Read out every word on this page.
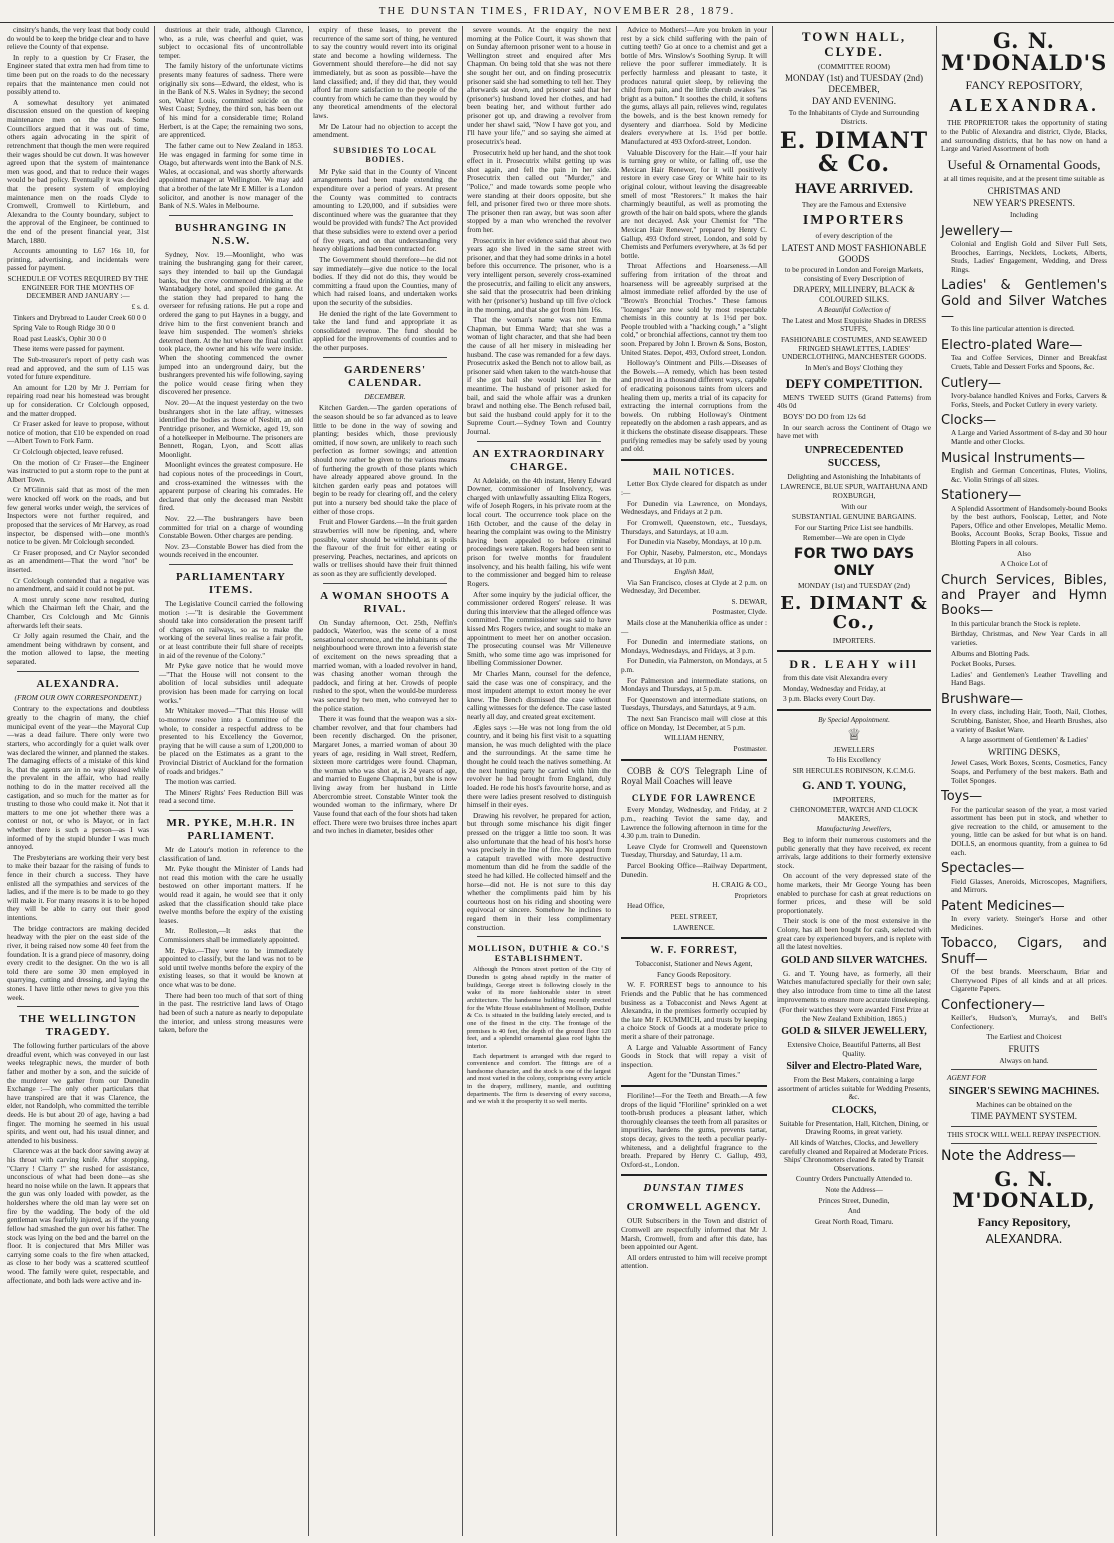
THE DUNSTAN TIMES, FRIDAY, NOVEMBER 28, 1879.

cinsitry's hands, the very least that body could do would be to keep the bridge clear and to have relieve the County of that expense.

In reply to a question by Cr Fraser, the Engineer stated that extra men had from time to time been put on the roads to do the necessary repairs that the maintenance men could not possibly attend to.

A somewhat desultory yet animated discussion ensued on the question of keeping maintenance men on the roads. Some Councillors argued that it was out of time, others again advocating in the spirit of retrenchment that though the men were required their wages should be cut down. It was however agreed upon that the system of maintenance men was good, and that to reduce their wages would be bad policy. Eventually it was decided that the present system of employing maintenance men on the roads Clyde to Cromwell, Cromwell to Kirtleburn, and Alexandra to the County boundary, subject to the approval of the Engineer, be continued to the end of the present financial year, 31st March, 1880.

Accounts amounting to L67 16s 10, for printing, advertising, and incidentals were passed for payment.

SCHEDULE OF VOTES REQUIRED BY THE ENGINEER FOR THE MONTHS OF DECEMBER AND JANUARY :—

£ s. d.

Tinkers and Drybread to Lauder Creek 60 0 0

Spring Vale to Rough Ridge 30 0 0

Road past Leask's, Ophir 30 0 0

These items were passed for payment.

The Sub-treasurer's report of petty cash was read and approved, and the sum of L15 was voted for future expenditure.

An amount for L20 by Mr J. Perriam for repairing road near his homestead was brought up for consideration. Cr Colclough opposed, and the matter dropped.

Cr Fraser asked for leave to propose, without notice of motion, that £10 be expended on road—Albert Town to Fork Farm.

Cr Colclough objected, leave refused.

On the motion of Cr Fraser—the Engineer was instructed to put a storm rope to the punt at Albert Town.

Cr M'Glinnis said that as most of the men were knocked off work on the roads, and but few general works under weigh, the services of Inspectors were not further required, and proposed that the services of Mr Harvey, as road inspector, be dispensed with—one month's notice to be given. Mr Colclough seconded.

Cr Fraser proposed, and Cr Naylor seconded as an amendment—That the word "not" be inserted.

Cr Colclough contended that a negative was no amendment, and said it could not be put.

A most unruly scene now resulted, during which the Chairman left the Chair, and the Chamber, Crs Colclough and Mc Ginnis afterwards left their seats.

Cr Jolly again resumed the Chair, and the amendment being withdrawn by consent, and the motion allowed to lapse, the meeting separated.

ALEXANDRA.
(FROM OUR OWN CORRESPONDENT.)

Contrary to the expectations and doubtless greatly to the chagrin of many, the chief municipal event of the year—the Mayoral Cup—was a dead failure. There only were two starters, who accordingly for a quiet walk over was declared the winner, and planned the stakes. The damaging effects of a mistake of this kind is, that the agents are in no way pleased while the prevalent in the affair, who had really nothing to do in the matter received all the castigation, and so much for the matter as for trusting to those who could make it. Not that it matters to me one jot whether there was a contest or not, or who is Mayor, or in fact whether there is such a person—as I was informed of by the stupid blunder I was much annoyed.

The Presbyterians are working their very best to make their bazaar for the raising of funds to fence in their church a success. They have enlisted all the sympathies and services of the ladies, and if the mere is to be made to go they will make it. For many reasons it is to be hoped they will be able to carry out their good intentions.

The bridge contractors are making decided headway with the pier on the east side of the river, it being raised now some 40 feet from the foundation. It is a grand piece of masonry, doing every credit to the designer. On the wo is all told there are some 30 men employed in quarrying, cutting and dressing, and laying the stones. I have little other news to give you this week.

THE WELLINGTON TRAGEDY.

The following further particulars of the above dreadful event, which was conveyed in our last weeks telegraphic news, the murder of both father and mother by a son, and the suicide of the murderer we gather from our Dunedin Exchange :—The only other particulars that have transpired are that it was Clarence, the elder, not Randolph, who committed the terrible deeds. He is but about 20 of age, having a bad finger. The morning he seemed in his usual spirits, and went out, had his usual dinner, and attended to his business.

Clarence was at the back door sawing away at his throat with carving knife. After stopping, "Clarry ! Clarry !" she rushed for assistance, unconscious of what had been done—as she heard no noise while on the lawn. It appears that the gun was only loaded with powder, as the holdershes where the old man lay were set on fire by the wadding. The body of the old gentleman was fearfully injured, as if the young fellow had smashed the gun over his father. The stock was lying on the bed and the barrel on the floor. It is conjectured that Mrs Miller was carrying some coals to the fire when attacked, as close to her body was a scattered scuttleof wood. The family were quiet, respectable, and affectionate, and both lads were active and in-

dustrious at their trade, although Clarence, who, as a rule, was cheerful and quiet, was subject to occasional fits of uncontrollable temper.

The family history of the unfortunate victims presents many features of sadness. There were originally six sons—Edward, the eldest, who is in the Bank of N.S. Wales in Sydney; the second son, Walter Louis, committed suicide on the West Coast; Sydney, the third son, has been out of his mind for a considerable time; Roland Herbert, is at the Cape; the remaining two sons, are apprenticed.

The father came out to New Zealand in 1853. He was engaged in farming for some time in Otago, but afterwards went into the Bank of N.S. Wales, at occasional, and was shortly afterwards appointed manager at Wellington. We may add that a brother of the late Mr E Miller is a London solicitor, and another is now manager of the Bank of N.S. Wales in Melbourne.

BUSHRANGING IN N.S.W.

Sydney, Nov. 19.—Moonlight, who was training the bushranging gang for their career, says they intended to bail up the Gundagai banks, but the crew commenced drinking at the Wantabadgery hotel, and spoiled the game. At the station they had prepared to hang the overseer for refusing rations. He put a rope and ordered the gang to put Haynes in a buggy, and drive him to the first convenient branch and leave him suspended. The women's shrieks deterred them. At the hut where the final conflict took place, the owner and his wife were inside. When the shooting commenced the owner jumped into an underground dairy, but the bushrangers prevented his wife following, saying the police would cease firing when they discovered her presence.

Nov. 20—At the inquest yesterday on the two bushrangers shot in the late affray, witnesses identified the bodies as those of Nesbitt, an old Pentridge prisoner, and Wernicke, aged 19, son of a hotelkeeper in Melbourne. The prisoners are Bennett, Rogan, Lyon, and Scott alias Moonlight.

Moonlight evinces the greatest composure. He had copious notes of the proceedings in Court, and cross-examined the witnesses with the apparent purpose of clearing his comrades. He declared that only the deceased man Nesbitt fired.

Nov. 22.—The bushrangers have been committed for trial on a charge of wounding Constable Bowen. Other charges are pending.

Nov. 23—Constable Bower has died from the wounds received in the encounter.

PARLIAMENTARY ITEMS.

The Legislative Council carried the following motion :—"It is desirable the Government should take into consideration the present tariff of charges on railways, so as to make the working of the several lines realise a fair profit, or at least contribute their full share of receipts in aid of the revenue of the Colony."

Mr Pyke gave notice that he would move —"That the House will not consent to the abolition of local subsidies until adequate provision has been made for carrying on local works."

Mr Whitaker moved—"That this House will to-morrow resolve into a Committee of the whole, to consider a respectful address to be presented to his Excellency the Governor, praying that he will cause a sum of 1,200,000 to be placed on the Estimates as a grant to the Provincial District of Auckland for the formation of roads and bridges."

The motion was carried.

The Miners' Rights' Fees Reduction Bill was read a second time.

MR. PYKE, M.H.R. IN PARLIAMENT.

Mr de Latour's motion in reference to the classification of land.

Mr. Pyke thought the Minister of Lands had not read this motion with the care he usually bestowed on other important matters. If he would read it again, he would see that it only asked that the classification should take place twelve months before the expiry of the existing leases.

Mr. Rolleston,—It asks that the Commissioners shall be immediately appointed.

Mr. Pyke.—They were to be immediately appointed to classify, but the land was not to be sold until twelve months before the expiry of the existing leases, so that it would be known at once what was to be done.

There had been too much of that sort of thing in the past. The restrictive land laws of Otago had been of such a nature as nearly to depopulate the interior, and unless strong measures were taken, before the

expiry of these leases, to prevent the recurrence of the same sort of thing, he ventured to say the country would revert into its original state and become a howling wilderness. The Government should therefore—he did not say immediately, but as soon as possible—have the land classified; and, if they did that, they would afford far more satisfaction to the people of the country from which he came than they would by any theoretical amendments of the electoral laws.

Mr De Latour had no objection to accept the amendment.

SUBSIDIES TO LOCAL BODIES.

Mr Pyke said that in the County of Vincent arrangements had been made extending the expenditure over a period of years. At present the County was committed to contracts amounting to L20,000, and if subsidies were discontinued where was the guarantee that they would be provided with funds? The Act provided that these subsidies were to extend over a period of five years, and on that understanding very heavy obligations had been contracted for.

The Government should therefore—he did not say immediately—give due notice to the local bodies. If they did not do this, they would be committing a fraud upon the Counties, many of which had raised loans, and undertaken works upon the security of the subsidies.

He denied the right of the late Government to take the land fund and appropriate it as consolidated revenue. The fund should be applied for the improvements of counties and to the other purposes.

GARDENERS' CALENDAR.
DECEMBER.

Kitchen Garden.—The garden operations of the season should be so far advanced as to leave little to be done in the way of sowing and planting; besides which, those previously omitted, if now sown, are unlikely to reach such perfection as former sowings; and attention should now rather be given to the various means of furthering the growth of those plants which have already appeared above ground. In the kitchen garden early peas and potatoes will begin to be ready for clearing off, and the celery put into a nursery bed should take the place of either of those crops.

Fruit and Flower Gardens.—In the fruit garden strawberries will now be ripening, and, where possible, water should be withheld, as it spoils the flavour of the fruit for either eating or preserving. Peaches, nectarines, and apricots on walls or trellises should have their fruit thinned as soon as they are sufficiently developed.

A WOMAN SHOOTS A RIVAL.

On Sunday afternoon, Oct. 25th, Neffin's paddock, Waterloo, was the scene of a most sensational occurrence, and the inhabitants of the neighbourhood were thrown into a feverish state of excitement on the news spreading that a married woman, with a loaded revolver in hand, was chasing another woman through the paddock, and firing at her. Crowds of people rushed to the spot, when the would-be murderess was secured by two men, who conveyed her to the police station.

There it was found that the weapon was a six-chamber revolver, and that four chambers had been recently discharged. On the prisoner, Margaret Jones, a married woman of about 30 years of age, residing in Wall street, Redfern, sixteen more cartridges were found. Chapman, the woman who was shot at, is 24 years of age, and married to Eugene Chapman, but she is now living away from her husband in Little Abercrombie street. Constable Winter took the wounded woman to the infirmary, where Dr Vause found that each of the four shots had taken effect. There were two bruises three inches apart and two inches in diameter, besides other

severe wounds. At the enquiry the next morning at the Police Court, it was shown that on Sunday afternoon prisoner went to a house in Wellington street and enquired after Mrs Chapman. On being told that she was not there she sought her out, and on finding prosecutrix prisoner said she had something to tell her. They afterwards sat down, and prisoner said that her (prisoner's) husband loved her clothes, and had been beating her, and without further ado prisoner got up, and drawing a revolver from under her shawl said, "Now I have got you, and I'll have your life," and so saying she aimed at prosecutrix's head.

Prosecutrix held up her hand, and the shot took effect in it. Prosecutrix whilst getting up was shot again, and fell the pain in her side. Prosecutrix then called out "Murder," and "Police," and made towards some people who were standing at their doors opposite, but she fell, and prisoner fired two or three more shots. The prisoner then ran away, but was soon after stopped by a man who wrenched the revolver from her.

Prosecutrix in her evidence said that about two years ago she lived in the same street with prisoner, and that they had some drinks in a hotel before this occurrence. The prisoner, who is a very intelligent person, severely cross-examined the prosecutrix, and failing to elicit any answers, she said that the prosecutrix had been drinking with her (prisoner's) husband up till five o'clock in the morning, and that she got from him 16s.

That the woman's name was not Emma Chapman, but Emma Ward; that she was a woman of light character, and that she had been the cause of all her misery in misleading her husband. The case was remanded for a few days. Prosecutrix asked the Bench not to allow bail, as prisoner said when taken to the watch-house that if she got bail she would kill her in the meantime. The husband of prisoner asked for bail, and said the whole affair was a drunken brawl and nothing else. The Bench refused bail, but said the husband could apply for it to the Supreme Court.—Sydney Town and Country Journal.

AN EXTRAORDINARY CHARGE.

At Adelaide, on the 4th instant, Henry Edward Downer, commissioner of Insolvency, was charged with unlawfully assaulting Eliza Rogers, wife of Joseph Rogers, in his private room at the local court. The occurrence took place on the 16th October, and the cause of the delay in hearing the complaint was owing to the Ministry having been appealed to before criminal proceedings were taken. Rogers had been sent to prison for twelve months for fraudulent insolvency, and his health failing, his wife went to the commissioner and begged him to release Rogers.

After some inquiry by the judicial officer, the commissioner ordered Rogers' release. It was during this interview that the alleged offence was committed. The commissioner was said to have kissed Mrs Rogers twice, and sought to make an appointment to meet her on another occasion. The prosecuting counsel was Mr Villeneuve Smith, who some time ago was imprisoned for libelling Commissioner Downer.

Mr Charles Mann, counsel for the defence, said the case was one of conspiracy, and the most impudent attempt to extort money he ever knew. The Bench dismissed the case without calling witnesses for the defence. The case lasted nearly all day, and created great excitement.

Ægles says :—He was not long from the old country, and it being his first visit to a squatting mansion, he was much delighted with the place and the surroundings. At the same time he thought he could teach the natives something. At the next hunting party he carried with him the revolver he had brought from England, duly loaded. He rode his host's favourite horse, and as there were ladies present resolved to distinguish himself in their eyes.

Drawing his revolver, he prepared for action, but through some mischance his digit finger pressed on the trigger a little too soon. It was also unfortunate that the head of his host's horse was precisely in the line of fire. No appeal from a catapult travelled with more destructive momentum than did he from the saddle of the steed he had killed. He collected himself and the horse—did not. He is not sure to this day whether the compliments paid him by his courteous host on his riding and shooting were equivocal or sincere. Somehow he inclines to regard them in their less complimentary construction.

MOLLISON, DUTHIE & CO.'S ESTABLISHMENT.

Although the Princes street portion of the City of Dunedin is going ahead rapidly in the matter of buildings, George street is following closely in the wake of its more fashionable sister in street architecture. The handsome building recently erected for the White House establishment of Mollison, Duthie & Co. is situated in the building lately erected, and is one of the finest in the city. The frontage of the premises is 40 feet, the depth of the ground floor 120 feet, and a splendid ornamental glass roof lights the interior.

Each department is arranged with due regard to convenience and comfort. The fittings are of a handsome character, and the stock is one of the largest and most varied in the colony, comprising every article in the drapery, millinery, mantle, and outfitting departments. The firm is deserving of every success, and we wish it the prosperity it so well merits.

Advice to Mothers!—Are you broken in your rest by a sick child suffering with the pain of cutting teeth? Go at once to a chemist and get a bottle of Mrs. Winslow's Soothing Syrup. It will relieve the poor sufferer immediately. It is perfectly harmless and pleasant to taste, it produces natural quiet sleep, by relieving the child from pain, and the little cherub awakes "as bright as a button." It soothes the child, it softens the gums, allays all pain, relieves wind, regulates the bowels, and is the best known remedy for dysentery and diarrhoea. Sold by Medicine dealers everywhere at 1s. 1½d per bottle. Manufactured at 493 Oxford-street, London.

Valuable Discovery for the Hair.—If your hair is turning grey or white, or falling off, use the Mexican Hair Renewer, for it will positively restore in every case Grey or White hair to its original colour, without leaving the disagreeable smell of most "Restorers." It makes the hair charmingly beautiful, as well as promoting the growth of the hair on bald spots, where the glands are not decayed. Ask your Chemist for "The Mexican Hair Renewer," prepared by Henry C. Gallup, 493 Oxford street, London, and sold by Chemists and Perfumers everywhere, at 3s 6d per bottle.

Throat Affections and Hoarseness.—All suffering from irritation of the throat and hoarseness will be agreeably surprised at the almost immediate relief afforded by the use of "Brown's Bronchial Troches." These famous "lozenges" are now sold by most respectable chemists in this country at 1s 1½d per box. People troubled with a "hacking cough," a "slight cold," or bronchial affections, cannot try them too soon. Prepared by John I. Brown & Sons, Boston, United States. Depot, 493, Oxford street, London.

Holloway's Ointment and Pills.—Diseases of the Bowels.—A remedy, which has been tested and proved in a thousand different ways, capable of eradicating poisonous taints from ulcers and healing them up, merits a trial of its capacity for extracting the internal corruptions from the bowels. On rubbing Holloway's Ointment repeatedly on the abdomen a rash appears, and as it thickens the obstinate disease disappears. These purifying remedies may be safely used by young and old.

MAIL NOTICES.

Letter Box Clyde cleared for dispatch as under :—

For Dunedin via Lawrence, on Mondays, Wednesdays, and Fridays at 2 p.m.

For Cromwell, Queenstown, etc., Tuesdays, Thursdays, and Saturdays, at 10 a.m.

For Dunedin via Naseby, Mondays, at 10 p.m.

For Ophir, Naseby, Palmerston, etc., Mondays and Thursdays, at 10 p.m.

English Mail,

Via San Francisco, closes at Clyde at 2 p.m. on Wednesday, 3rd December.

S. DEWAR,

Postmaster, Clyde.

Mails close at the Manuherikia office as under :—

For Dunedin and intermediate stations, on Mondays, Wednesdays, and Fridays, at 3 p.m.

For Dunedin, via Palmerston, on Mondays, at 5 p.m.

For Palmerston and intermediate stations, on Mondays and Thursdays, at 5 p.m.

For Queenstown and intermediate stations, on Tuesdays, Thursdays, and Saturdays, at 9 a.m.

The next San Francisco mail will close at this office on Monday, 1st December, at 5 p.m.

WILLIAM HENRY,

Postmaster.

COBB & CO'S Telegraph Line of Royal Mail Coaches will leave

CLYDE FOR LAWRENCE

Every Monday, Wednesday, and Friday, at 2 p.m., reaching Teviot the same day, and Lawrence the following afternoon in time for the 4.30 p.m. train to Dunedin.

Leave Clyde for Cromwell and Queenstown Tuesday, Thursday, and Saturday, 11 a.m.

Parcel Booking Office—Railway Department, Dunedin.

H. CRAIG & CO.,

Proprietors

Head Office,

PEEL STREET,

LAWRENCE.

W. F. FORREST,

Tobacconist, Stationer and News Agent,

Fancy Goods Repository.

W. F. FORREST begs to announce to his Friends and the Public that he has commenced business as a Tobacconist and News Agent at Alexandra, in the premises formerly occupied by the late Mr F. KUMMICH, and trusts by keeping a choice Stock of Goods at a moderate price to merit a share of their patronage.

A Large and Valuable Assortment of Fancy Goods in Stock that will repay a visit of inspection.

Agent for the "Dunstan Times."

Floriline!—For the Teeth and Breath.—A few drops of the liquid "Floriline" sprinkled on a wet tooth-brush produces a pleasant lather, which thoroughly cleanses the teeth from all parasites or impurities, hardens the gums, prevents tartar, stops decay, gives to the teeth a peculiar pearly-whiteness, and a delightful fragrance to the breath. Prepared by Henry C. Gallup, 493, Oxford-st., London.

DUNSTAN TIMES
CROMWELL AGENCY.

OUR Subscribers in the Town and district of Cromwell are respectfully informed that Mr J. Marsh, Cromwell, from and after this date, has been appointed our Agent.

All orders entrusted to him will receive prompt attention.

TOWN HALL, CLYDE.

(COMMITTEE ROOM)

MONDAY (1st) and TUESDAY (2nd) DECEMBER,

DAY AND EVENING.

To the Inhabitants of Clyde and Surrounding Districts.

E. DIMANT & Co.
HAVE ARRIVED.

They are the Famous and Extensive

IMPORTERS

of every description of the

LATEST AND MOST FASHIONABLE GOODS

to be procured in London and Foreign Markets, consisting of Every Description of

DRAPERY, MILLINERY, BLACK & COLOURED SILKS.

A Beautiful Collection of

The Latest and Most Exquisite Shades in DRESS STUFFS,

FASHIONABLE COSTUMES, AND SEAWEED FRINGED SHAWLETTES, LADIES' UNDERCLOTHING, MANCHESTER GOODS.

In Men's and Boys' Clothing they

DEFY COMPETITION.

MEN'S TWEED SUITS (Grand Patterns) from 40s 0d

BOYS' DO DO from 12s 6d

In our search across the Continent of Otago we have met with

UNPRECEDENTED SUCCESS,

Delighting and Astonishing the Inhabitants of

LAWRENCE, BLUE SPUR, WAITAHUNA AND ROXBURGH,

With our

SUBSTANTIAL GENUINE BARGAINS.

For our Starting Price List see handbills.

Remember—We are open in Clyde

FOR TWO DAYS ONLY

MONDAY (1st) and TUESDAY (2nd)

E. DIMANT & Co.,

IMPORTERS.

DR. LEAHY will

from this date visit Alexandra every

Monday, Wednesday and Friday, at

3 p.m. Blacks every Court Day.

By Special Appointment.

♕

JEWELLERS

To His Excellency

SIR HERCULES ROBINSON, K.C.M.G.

G. AND T. YOUNG,

IMPORTERS,

CHRONOMETER, WATCH AND CLOCK MAKERS,

Manufacturing Jewellers,

Beg to inform their numerous customers and the public generally that they have received, ex recent arrivals, large additions to their formerly extensive stock.

On account of the very depressed state of the home markets, their Mr George Young has been enabled to purchase for cash at great reductions on former prices, and these will be sold proportionately.

Their stock is one of the most extensive in the Colony, has all been bought for cash, selected with great care by experienced buyers, and is replete with all the latest novelties.

GOLD AND SILVER WATCHES.

G. and T. Young have, as formerly, all their Watches manufactured specially for their own sale; they also introduce from time to time all the latest improvements to ensure more accurate timekeeping.

(For their watches they were awarded First Prize at the New Zealand Exhibition, 1865.)

GOLD & SILVER JEWELLERY,

Extensive Choice, Beautiful Patterns, all Best Quality.

Silver and Electro-Plated Ware,

From the Best Makers, containing a large assortment of articles suitable for Wedding Presents, &c.

CLOCKS,

Suitable for Presentation, Hall, Kitchen, Dining, or Drawing Rooms, in great variety.

All kinds of Watches, Clocks, and Jewellery carefully cleaned and Repaired at Moderate Prices. Ships' Chronometers cleaned & rated by Transit Observations.

Country Orders Punctually Attended to.

Note the Address—

Princes Street, Dunedin,

And

Great North Road, Timaru.

G. N. M'DONALD'S
FANCY REPOSITORY,
ALEXANDRA.

THE PROPRIETOR takes the opportunity of stating to the Public of Alexandra and district, Clyde, Blacks, and surrounding districts, that he has now on hand a Large and Varied Assortment of both

Useful & Ornamental Goods,

at all times requisite, and at the present time suitable as

CHRISTMAS AND

NEW YEAR'S PRESENTS.

Including

Jewellery—
Colonial and English Gold and Silver Full Sets, Brooches, Earrings, Necklets, Lockets, Alberts, Studs, Ladies' Engagement, Wedding, and Dress Rings.
Ladies' & Gentlemen's Gold and Silver Watches—
To this line particular attention is directed.
Electro-plated Ware—
Tea and Coffee Services, Dinner and Breakfast Cruets, Table and Dessert Forks and Spoons, &c.
Cutlery—
Ivory-balance handled Knives and Forks, Carvers & Forks, Steels, and Pocket Cutlery in every variety.
Clocks—
A Large and Varied Assortment of 8-day and 30 hour Mantle and other Clocks.
Musical Instruments—
English and German Concertinas, Flutes, Violins, &c. Violin Strings of all sizes.
Stationery—
A Splendid Assortment of Handsomely-bound Books by the best authors, Foolscap, Letter, and Note Papers, Office and other Envelopes, Metallic Memo. Books, Account Books, Scrap Books, Tissue and Blotting Papers in all colours.

Also

A Choice Lot of

Church Services, Bibles, and Prayer and Hymn Books—
In this particular branch the Stock is replete.
Birthday, Christmas, and New Year Cards in all varieties.
Albums and Blotting Pads.
Pocket Books, Purses.
Ladies' and Gentlemen's Leather Travelling and Hand Bags.
Brushware—
In every class, including Hair, Tooth, Nail, Clothes, Scrubbing, Banister, Shoe, and Hearth Brushes, also a variety of Basket Ware.

A large assortment of Gentlemen' & Ladies'

WRITING DESKS,

Jewel Cases, Work Boxes, Scents, Cosmetics, Fancy Soaps, and Perfumery of the best makers. Bath and Toilet Sponges.
Toys—
For the particular season of the year, a most varied assortment has been put in stock, and whether to give recreation to the child, or amusement to the young, little can be asked for but what is on hand. DOLLS, an enormous quantity, from a guinea to 6d each.
Spectacles—
Field Glasses, Aneroids, Microscopes, Magnifiers, and Mirrors.
Patent Medicines—
In every variety. Steinger's Horse and other Medicines.
Tobacco, Cigars, and Snuff—
Of the best brands. Meerschaum, Briar and Cherrywood Pipes of all kinds and at all prices. Cigarette Papers.
Confectionery—
Keiller's, Hudson's, Murray's, and Bell's Confectionery.

The Earliest and Choicest

FRUITS

Always on hand.

AGENT FOR

SINGER'S SEWING MACHINES.

Machines can be obtained on the

TIME PAYMENT SYSTEM.

THIS STOCK WILL WELL REPAY INSPECTION.

Note the Address—
G. N. M'DONALD,
Fancy Repository,
ALEXANDRA.
